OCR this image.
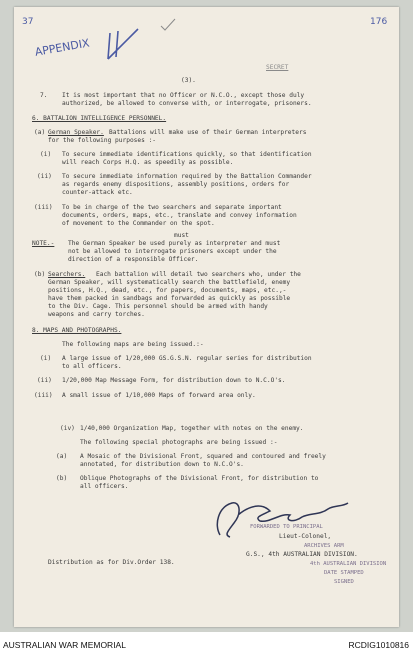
37	176
APPENDIX
SECRET
(3).
7. It is most important that no Officer or N.C.O., except those duly
authorized, be allowed to converse with, or interrogate, prisoners.
6. BATTALION INTELLIGENCE PERSONNEL.
(a) German Speaker. Battalions will make use of their German interpreters
for the following purposes :-
(i) To secure immediate identifications quickly, so that identification
will reach Corps H.Q. as speedily as possible.
(ii) To secure immediate information required by the Battalion Commander
as regards enemy dispositions, assembly positions, orders for
counter-attack etc.
(iii) To be in charge of the two searchers and separate important
documents, orders, maps, etc., translate and convey information
of movement to the Commander on the spot.
must
NOTE.- The German Speaker be used purely as interpreter and must
not be allowed to interrogate prisoners except under the
direction of a responsible Officer.
(b) Searchers. Each battalion will detail two searchers who, under the
German Speaker, will systematically search the battlefield, enemy
positions, H.Q., dead, etc., for papers, documents, maps, etc.,-
have them packed in sandbags and forwarded as quickly as possible
to the Div. Cage. This personnel should be armed with handy
weapons and carry torches.
8. MAPS AND PHOTOGRAPHS.
The following maps are being issued.:-
(i) A large issue of 1/20,000 GS.G.S.N. regular series for distribution
to all officers.
(ii) 1/20,000 Map Message Form, for distribution down to N.C.O's.
(iii) A small issue of 1/10,000 Maps of forward area only.
(iv) 1/40,000 Organization Map, together with notes on the enemy.
The following special photographs are being issued :-
(a) A Mosaic of the Divisional Front, squared and contoured and freely
annotated, for distribution down to N.C.O's.
(b) Oblique Photographs of the Divisional Front, for distribution to
all officers.
FORWARDED TO PRINCIPAL
Lieut-Colonel,
ARCHIVES ARM
G.S., 4th AUSTRALIAN DIVISION.
4th AUSTRALIAN DIVISION
DATE STAMPED
SIGNED
Distribution as for Div.Order 138.
AUSTRALIAN WAR MEMORIAL	RCDIG1010816
